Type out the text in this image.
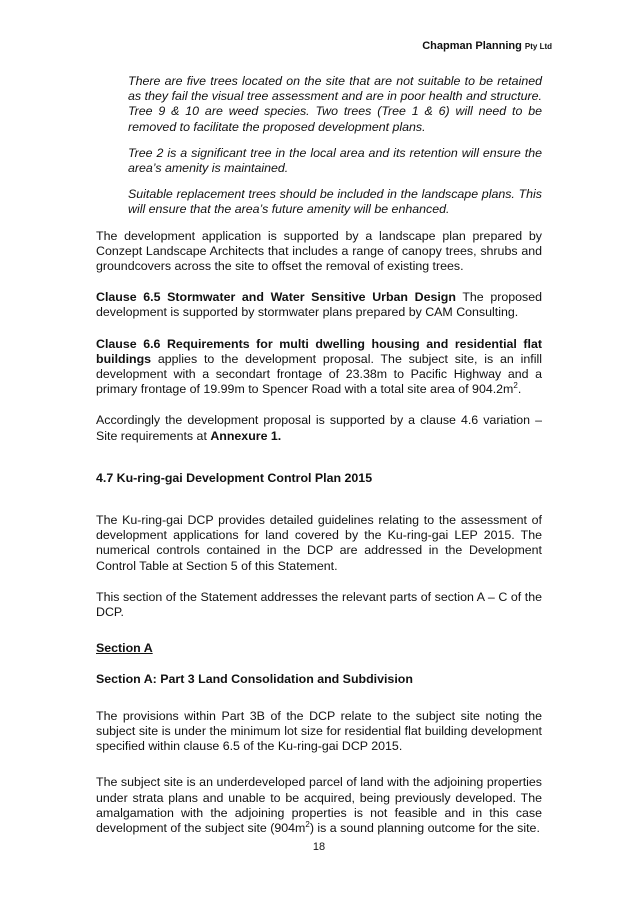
Chapman Planning Pty Ltd

There are five trees located on the site that are not suitable to be retained as they fail the visual tree assessment and are in poor health and structure. Tree 9 & 10 are weed species. Two trees (Tree 1 & 6) will need to be removed to facilitate the proposed development plans.

Tree 2 is a significant tree in the local area and its retention will ensure the area’s amenity is maintained.

Suitable replacement trees should be included in the landscape plans. This will ensure that the area’s future amenity will be enhanced.

The development application is supported by a landscape plan prepared by Conzept Landscape Architects that includes a range of canopy trees, shrubs and groundcovers across the site to offset the removal of existing trees.

Clause 6.5 Stormwater and Water Sensitive Urban Design The proposed development is supported by stormwater plans prepared by CAM Consulting.

Clause 6.6 Requirements for multi dwelling housing and residential flat buildings applies to the development proposal. The subject site, is an infill development with a secondart frontage of 23.38m to Pacific Highway and a primary frontage of 19.99m to Spencer Road with a total site area of $904.2m^2$.

Accordingly the development proposal is supported by a clause 4.6 variation – Site requirements at Annexure 1.

4.7 Ku-ring-gai Development Control Plan 2015

The Ku-ring-gai DCP provides detailed guidelines relating to the assessment of development applications for land covered by the Ku-ring-gai LEP 2015. The numerical controls contained in the DCP are addressed in the Development Control Table at Section 5 of this Statement.

This section of the Statement addresses the relevant parts of section A – C of the DCP.

Section A
Section A: Part 3 Land Consolidation and Subdivision

The provisions within Part 3B of the DCP relate to the subject site noting the subject site is under the minimum lot size for residential flat building development specified within clause 6.5 of the Ku-ring-gai DCP 2015.

The subject site is an underdeveloped parcel of land with the adjoining properties under strata plans and unable to be acquired, being previously developed. The amalgamation with the adjoining properties is not feasible and in this case development of the subject site $(904m^2)$ is a sound planning outcome for the site.

18
